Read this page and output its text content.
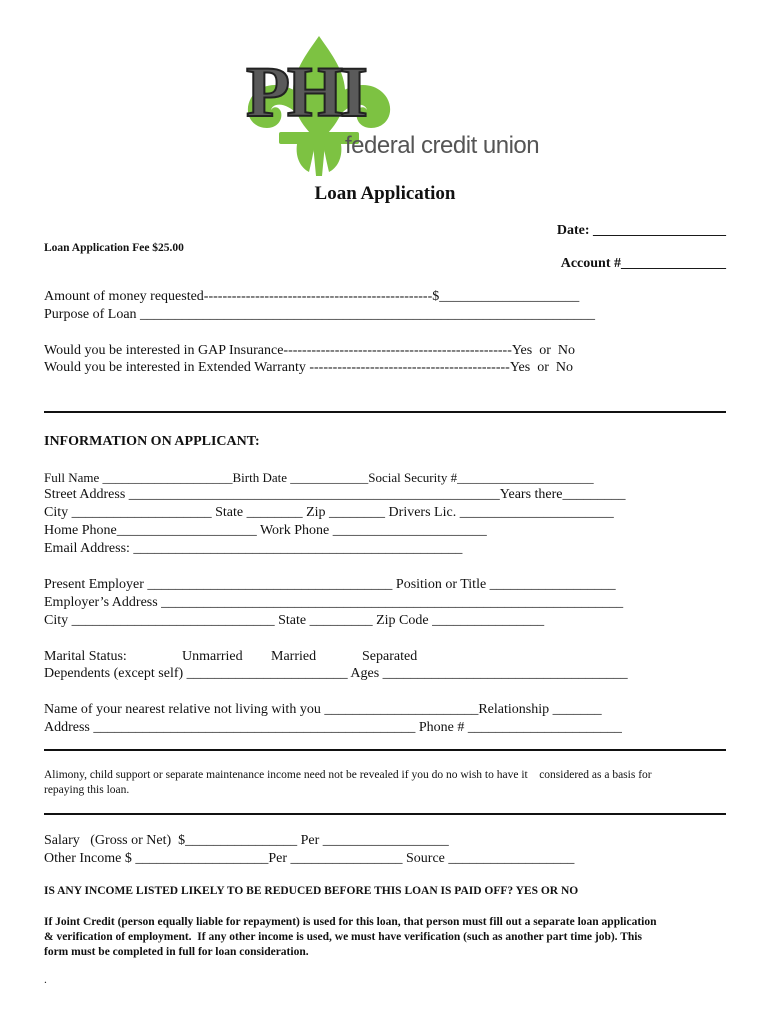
PHI
federal credit union
Loan Application
Date: ___________________
Loan Application Fee $25.00
Account #_______________
Amount of money requested-------------------------------------------------$____________________
Purpose of Loan _________________________________________________________________
Would you be interested in GAP Insurance-------------------------------------------------Yes  or  No
Would you be interested in Extended Warranty -------------------------------------------Yes  or  No
INFORMATION ON APPLICANT:
Full Name ____________________Birth Date ____________Social Security #_____________________
Street Address _____________________________________________________Years there_________
City ____________________ State ________ Zip ________ Drivers Lic. ______________________
Home Phone____________________ Work Phone ______________________
Email Address: _______________________________________________
Present Employer ___________________________________ Position or Title __________________
Employer’s Address __________________________________________________________________
City _____________________________ State _________ Zip Code ________________
Marital Status:	Unmarried Married	Separated
Dependents (except self) _______________________ Ages ___________________________________
Name of your nearest relative not living with you ______________________Relationship _______
Address ______________________________________________ Phone # ______________________
Alimony, child support or separate maintenance income need not be revealed if you do no wish to have it    considered as a basis for
repaying this loan.
Salary   (Gross or Net)  $________________ Per __________________
Other Income $ ___________________Per ________________ Source __________________
IS ANY INCOME LISTED LIKELY TO BE REDUCED BEFORE THIS LOAN IS PAID OFF? YES OR NO
If Joint Credit (person equally liable for repayment) is used for this loan, that person must fill out a separate loan application
& verification of employment.  If any other income is used, we must have verification (such as another part time job). This
form must be completed in full for loan consideration.
.
